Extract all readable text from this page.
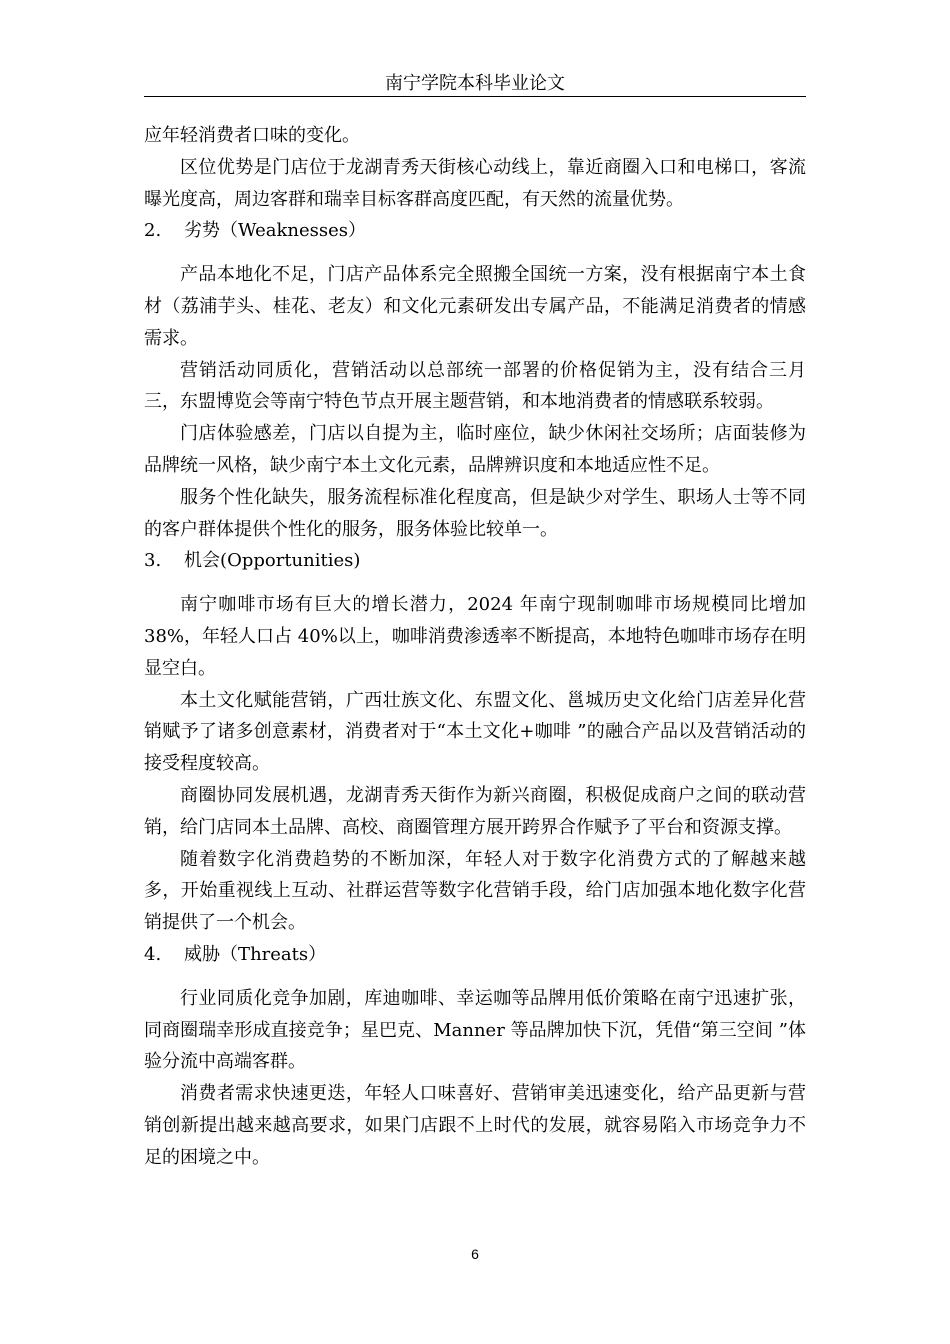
南宁学院本科毕业论文

应年轻消费者口味的变化。

区位优势是门店位于龙湖青秀天街核心动线上，靠近商圈入口和电梯口，客流曝光度高，周边客群和瑞幸目标客群高度匹配，有天然的流量优势。

2.    劣势（Weaknesses）

产品本地化不足，门店产品体系完全照搬全国统一方案，没有根据南宁本土食材（荔浦芋头、桂花、老友）和文化元素研发出专属产品，不能满足消费者的情感需求。

营销活动同质化，营销活动以总部统一部署的价格促销为主，没有结合三月三，东盟博览会等南宁特色节点开展主题营销，和本地消费者的情感联系较弱。

门店体验感差，门店以自提为主，临时座位，缺少休闲社交场所；店面装修为品牌统一风格，缺少南宁本土文化元素，品牌辨识度和本地适应性不足。

服务个性化缺失，服务流程标准化程度高，但是缺少对学生、职场人士等不同的客户群体提供个性化的服务，服务体验比较单一。

3.    机会(Opportunities)

南宁咖啡市场有巨大的增长潜力，2024 年南宁现制咖啡市场规模同比增加38%，年轻人口占 40%以上，咖啡消费渗透率不断提高，本地特色咖啡市场存在明显空白。

本土文化赋能营销，广西壮族文化、东盟文化、邕城历史文化给门店差异化营销赋予了诸多创意素材，消费者对于“本土文化+咖啡 ”的融合产品以及营销活动的接受程度较高。

商圈协同发展机遇，龙湖青秀天街作为新兴商圈，积极促成商户之间的联动营销，给门店同本土品牌、高校、商圈管理方展开跨界合作赋予了平台和资源支撑。

随着数字化消费趋势的不断加深，年轻人对于数字化消费方式的了解越来越多，开始重视线上互动、社群运营等数字化营销手段，给门店加强本地化数字化营销提供了一个机会。

4.    威胁（Threats）

行业同质化竞争加剧，库迪咖啡、幸运咖等品牌用低价策略在南宁迅速扩张，同商圈瑞幸形成直接竞争；星巴克、Manner 等品牌加快下沉，凭借“第三空间 ”体验分流中高端客群。

消费者需求快速更迭，年轻人口味喜好、营销审美迅速变化，给产品更新与营销创新提出越来越高要求，如果门店跟不上时代的发展，就容易陷入市场竞争力不足的困境之中。

6
